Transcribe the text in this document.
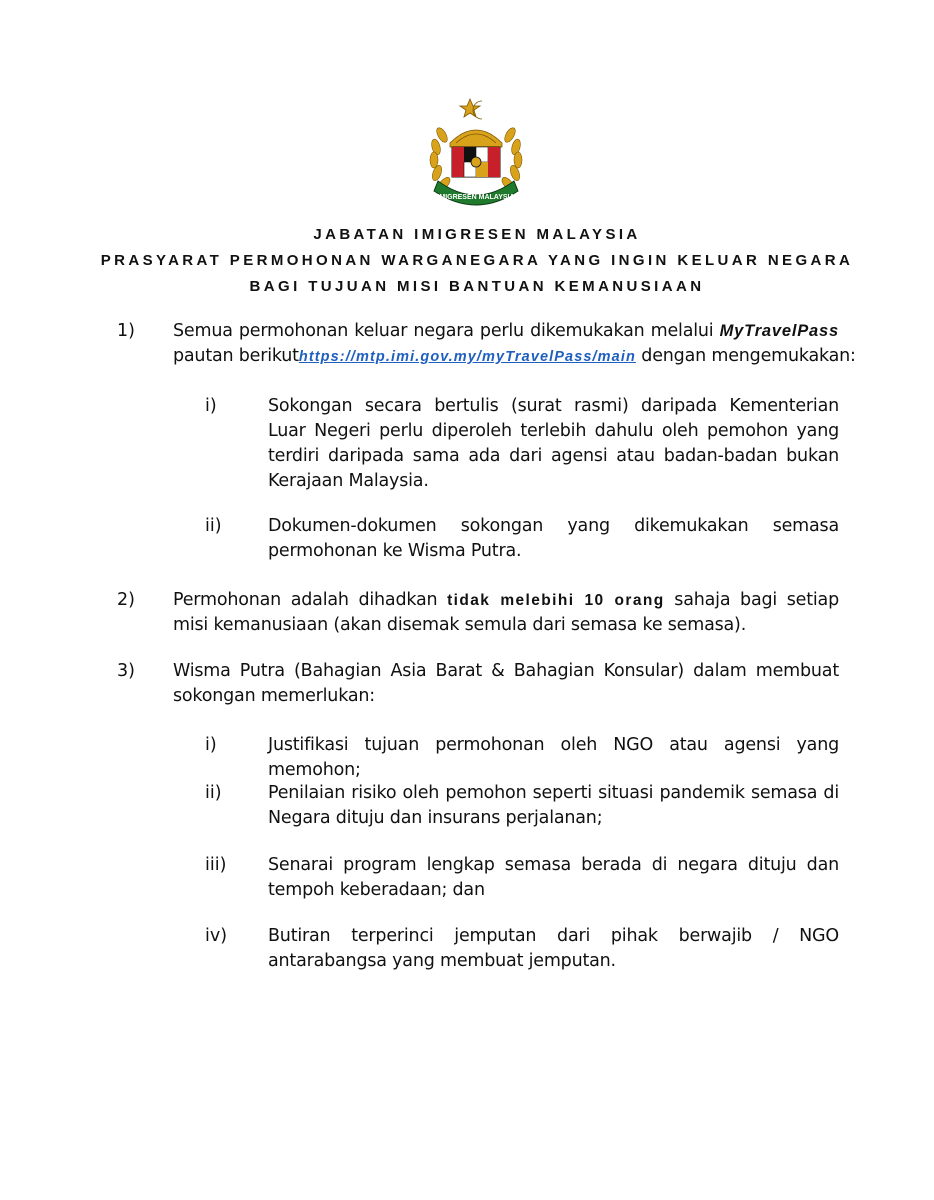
IMIGRESEN MALAYSIA
JABATAN IMIGRESEN MALAYSIA
PRASYARAT PERMOHONAN WARGANEGARA YANG INGIN KELUAR NEGARA
BAGI TUJUAN MISI BANTUAN KEMANUSIAAN
1) Semua permohonan keluar negara perlu dikemukakan melalui MyTravelPass
pautan berikuthttps://mtp.imi.gov.my/myTravelPass/main dengan mengemukakan:
i)	Sokongan secara bertulis (surat rasmi) daripada Kementerian Luar Negeri perlu diperoleh terlebih dahulu oleh pemohon yang terdiri daripada sama ada dari agensi atau badan-badan bukan Kerajaan Malaysia.
ii)	Dokumen-dokumen sokongan yang dikemukakan semasa permohonan ke Wisma Putra.
2) Permohonan adalah dihadkan tidak melebihi 10 orang sahaja bagi setiap misi kemanusiaan (akan disemak semula dari semasa ke semasa).
3) Wisma Putra (Bahagian Asia Barat & Bahagian Konsular) dalam membuat sokongan memerlukan:
i)	Justifikasi tujuan permohonan oleh NGO atau agensi yang memohon;
ii)	Penilaian risiko oleh pemohon seperti situasi pandemik semasa di Negara dituju dan insurans perjalanan;
iii) Senarai program lengkap semasa berada di negara dituju dan tempoh keberadaan; dan
iv) Butiran terperinci jemputan dari pihak berwajib / NGO antarabangsa yang membuat jemputan.
